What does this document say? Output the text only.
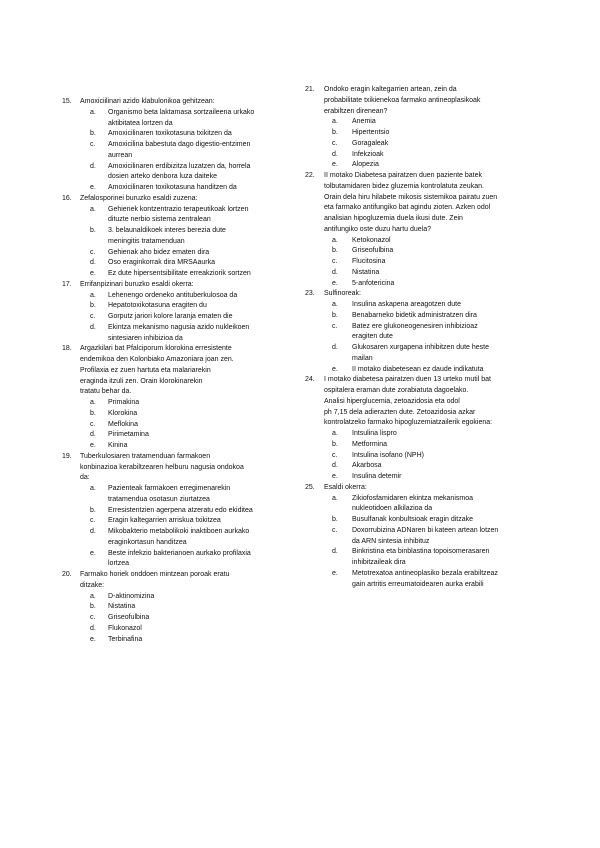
15. Amoxiciilinari azido klabulonikoa gehitzean:
a. Organismo beta laktamasa sortzaileena urkako
aktibitatea lortzen da
b. Amoxicilinaren toxikotasuna txikitzen da
c. Amoxicilina babestuta dago digestio-entzimen
aurrean
d. Amoxicilinaren erdibizitza luzatzen da, horrela
dosien arteko denbora luza daiteke
e. Amoxicilinaren toxikotasuna handitzen da
16. Zefalosporinei buruzko esaldi zuzena:
a. Gehienek kontzentrazio terapeutikoak lortzen
dituzte nerbio sistema zentralean
b. 3. belaunaldikoek interes berezia dute
meningitis tratamenduan
c. Gehienak aho bidez ematen dira
d. Oso eraginkorrak dira MRSAaurka
e. Ez dute hipersentsibilitate erreakziorik sortzen
17. Errifanpizinari buruzko esaldi okerra:
a. Lehenengo ordeneko antituberkulosoa da
b. Hepatotoxikotasuna eragiten du
c. Gorputz jariori kolore laranja ematen die
d. Ekintza mekanismo nagusia azido nukleikoen
sintesiaren inhibizioa da
18. Argazkilari bat Pfalciporum klorokina erresistente
endemikoa den Kolonbiako Amazoniara joan zen.
Profilaxia ez zuen hartuta eta malariarekin
eraginda itzuli zen. Orain klorokinarekin
tratatu behar da.
a. Primakina
b. Klorokina
c. Meflokina
d. Pirimetamina
e. Kinina
19. Tuberkulosiaren tratamenduan farmakoen
konbinazioa kerabiltzearen helburu nagusia ondokoa
da:
a. Pazienteak farmakoen erregimenarekin
tratamendua osotasun ziurtatzea
b. Erresistentzien agerpena atzeratu edo ekiditea
c. Eragin kaltegarrien arriskua txikitzea
d. Mikobakterio metabolikoki inaktiboen aurkako
eraginkortasun handitzea
e. Beste infekzio bakterianoen aurkako profilaxia
lortzea
20. Farmako horiek onddoen mintzean poroak eratu
ditzake:
a. D-aktinomizina
b. Nistatina
c. Griseofulbina
d. Flukonazol
e. Terbinafina
21. Ondoko eragin kaltegarrien artean, zein da
probabilitate txikienekoa farmako antineoplasikoak
erabiltzen direnean?
a. Anemia
b. Hipertentsio
c. Goragaleak
d. Infekzioak
e. Alopezia
22. II motako Diabetesa pairatzen duen paziente batek
tolbutamidaren bidez gluzemia kontrolatuta zeukan.
Orain dela hiru hilabete mikosis sistemikoa pairatu zuen
eta farmako antifungiko bat agindu zioten. Azken odol
analisian hipogluzemia duela ikusi dute. Zein
antifungiko oste duzu hartu duela?
a. Ketokonazol
b. Griseofulbina
c. Flucitosina
d. Nistatina
e. 5-anfotericina
23. Sulfinoreak:
a. Insulina askapena areagotzen dute
b. Benabarneko bidetik administratzen dira
c. Batez ere glukoneogenesiren inhibizioaz
eragiten dute
d. Glukosaren xurgapena inhibitzen dute heste
mailan
e. II motako diabetesean ez daude indikatuta
24. I motako diabetesa pairatzen duen 13 urteko mutil bat
ospitalera eraman dute zorabiatuta dagoelako.
Analisi hiperglucemia, zetoazidosia eta odol
ph 7,15 dela adierazten dute. Zetoazidosia azkar
kontrolatzeko farmako hipogluzemiatzailerik egokiena:
a. Intsulina lispro
b. Metformina
c. Intsulina isofano (NPH)
d. Akarbosa
e. Insulina detemir
25. Esaldi okerra:
a. Zikiofosfamidaren ekintza mekanismoa
nukleotidoen alkilazioa da
b. Busulfanak konbultsioak eragin ditzake
c. Doxorrubizina ADNaren bi kateen artean lotzen
da ARN sintesia inhibituz
d. Binkristina eta binblastina topoisomerasaren
inhibitzaileak dira
e. Metotrexatoa antineoplasiko bezala erabiltzeaz
gain artritis erreumatoidearen aurka erabili
